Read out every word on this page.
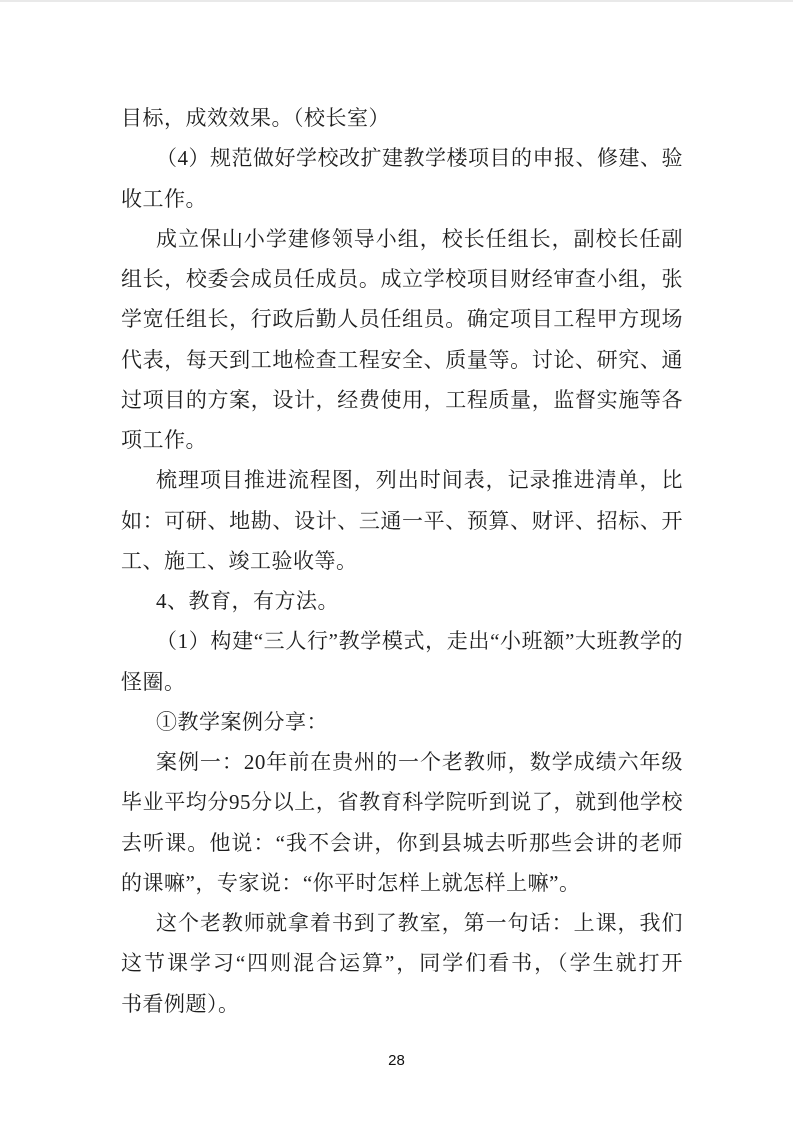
目标，成效效果。（校长室）
（4）规范做好学校改扩建教学楼项目的申报、修建、验
收工作。
成立保山小学建修领导小组，校长任组长，副校长任副
组长，校委会成员任成员。成立学校项目财经审查小组，张
学宽任组长，行政后勤人员任组员。确定项目工程甲方现场
代表，每天到工地检查工程安全、质量等。讨论、研究、通
过项目的方案，设计，经费使用，工程质量，监督实施等各
项工作。
梳理项目推进流程图，列出时间表，记录推进清单，比
如：可研、地勘、设计、三通一平、预算、财评、招标、开
工、施工、竣工验收等。
4、教育，有方法。
（1）构建“三人行”教学模式，走出“小班额”大班教学的
怪圈。
①教学案例分享：
案例一：20年前在贵州的一个老教师，数学成绩六年级
毕业平均分95分以上，省教育科学院听到说了，就到他学校
去听课。他说：“我不会讲，你到县城去听那些会讲的老师
的课嘛”，专家说：“你平时怎样上就怎样上嘛”。
这个老教师就拿着书到了教室，第一句话：上课，我们
这节课学习“四则混合运算”，同学们看书，（学生就打开
书看例题）。
28
